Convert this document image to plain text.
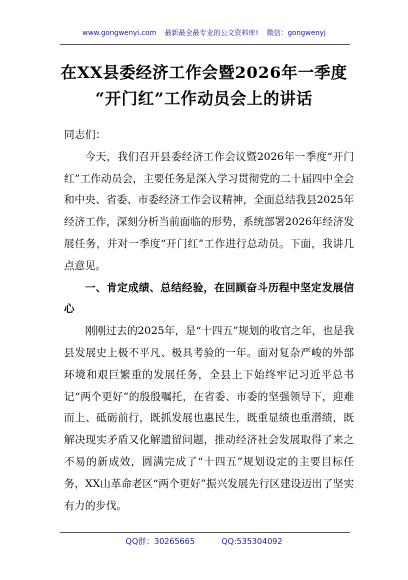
www.gongwenyi.com 最新最全最专业的公文资料库! 微信：gongwenyj
在XX县委经济工作会暨2026年一季度
“开门红”工作动员会上的讲话

同志们：

今天，我们召开县委经济工作会议暨2026年一季度“开门红”工作动员会，主要任务是深入学习贯彻党的二十届四中全会和中央、省委、市委经济工作会议精神，全面总结我县2025年经济工作，深刻分析当前面临的形势，系统部署2026年经济发展任务，并对一季度“开门红”工作进行总动员。下面，我讲几点意见。

一、肯定成绩、总结经验，在回顾奋斗历程中坚定发展信心

刚刚过去的2025年，是“十四五”规划的收官之年，也是我县发展史上极不平凡、极具考验的一年。面对复杂严峻的外部环境和艰巨繁重的发展任务，全县上下始终牢记习近平总书记“两个更好”的殷殷嘱托，在省委、市委的坚强领导下，迎难而上、砥砺前行，既抓发展也惠民生，既重显绩也重潜绩，既解决现实矛盾又化解遗留问题，推动经济社会发展取得了来之不易的新成效，圆满完成了“十四五”规划设定的主要目标任务，XX山革命老区“两个更好”振兴发展先行区建设迈出了坚实有力的步伐。

QQ群：30265665	QQ:535304092
